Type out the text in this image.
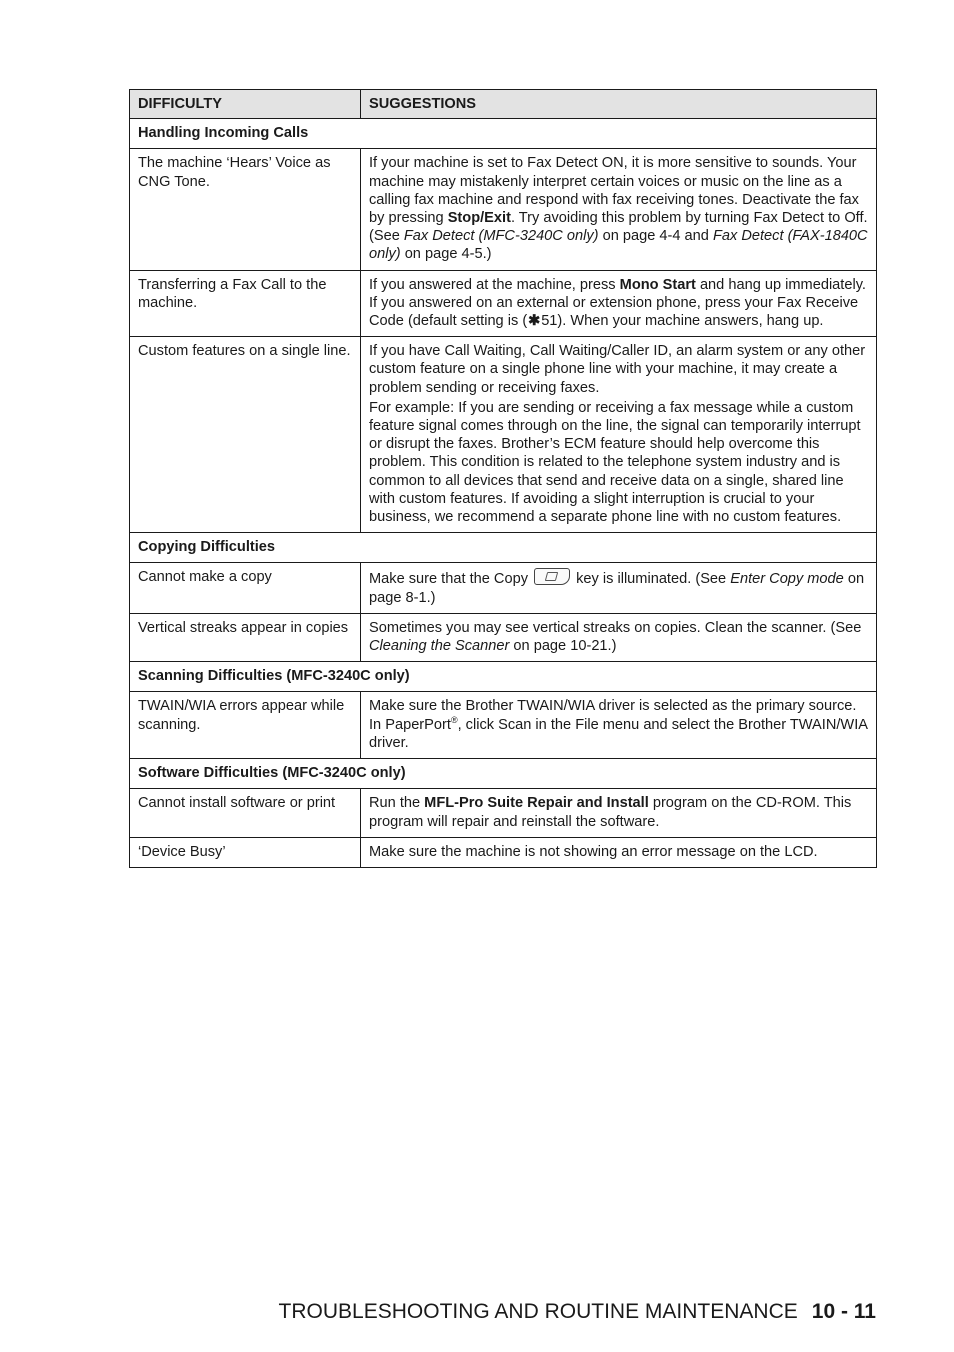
DIFFICULTY	SUGGESTIONS
Handling Incoming Calls	
The machine ‘Hears’ Voice as CNG Tone.	If your machine is set to Fax Detect ON, it is more sensitive to sounds. Your machine may mistakenly interpret certain voices or music on the line as a calling fax machine and respond with fax receiving tones. Deactivate the fax by pressing Stop/Exit. Try avoiding this problem by turning Fax Detect to Off. (See Fax Detect (MFC-3240C only) on page 4-4 and Fax Detect (FAX-1840C only) on page 4-5.)
Transferring a Fax Call to the machine.	If you answered at the machine, press Mono Start and hang up immediately. If you answered on an external or extension phone, press your Fax Receive Code (default setting is (✱51). When your machine answers, hang up.
Custom features on a single line.	If you have Call Waiting, Call Waiting/Caller ID, an alarm system or any other custom feature on a single phone line with your machine, it may create a problem sending or receiving faxes.
For example: If you are sending or receiving a fax message while a custom feature signal comes through on the line, the signal can temporarily interrupt or disrupt the faxes. Brother’s ECM feature should help overcome this problem. This condition is related to the telephone system industry and is common to all devices that send and receive data on a single, shared line with custom features. If avoiding a slight interruption is crucial to your business, we recommend a separate phone line with no custom features.
Copying Difficulties	
Cannot make a copy	Make sure that the Copy key is illuminated. (See Enter Copy mode on page 8-1.)
Vertical streaks appear in copies	Sometimes you may see vertical streaks on copies. Clean the scanner. (See Cleaning the Scanner on page 10-21.)
Scanning Difficulties (MFC-3240C only)	
TWAIN/WIA errors appear while scanning.	Make sure the Brother TWAIN/WIA driver is selected as the primary source. In PaperPort®, click Scan in the File menu and select the Brother TWAIN/WIA driver.
Software Difficulties (MFC-3240C only)	
Cannot install software or print	Run the MFL-Pro Suite Repair and Install program on the CD-ROM. This program will repair and reinstall the software.
‘Device Busy’	Make sure the machine is not showing an error message on the LCD.
TROUBLESHOOTING AND ROUTINE MAINTENANCE 10 - 11
